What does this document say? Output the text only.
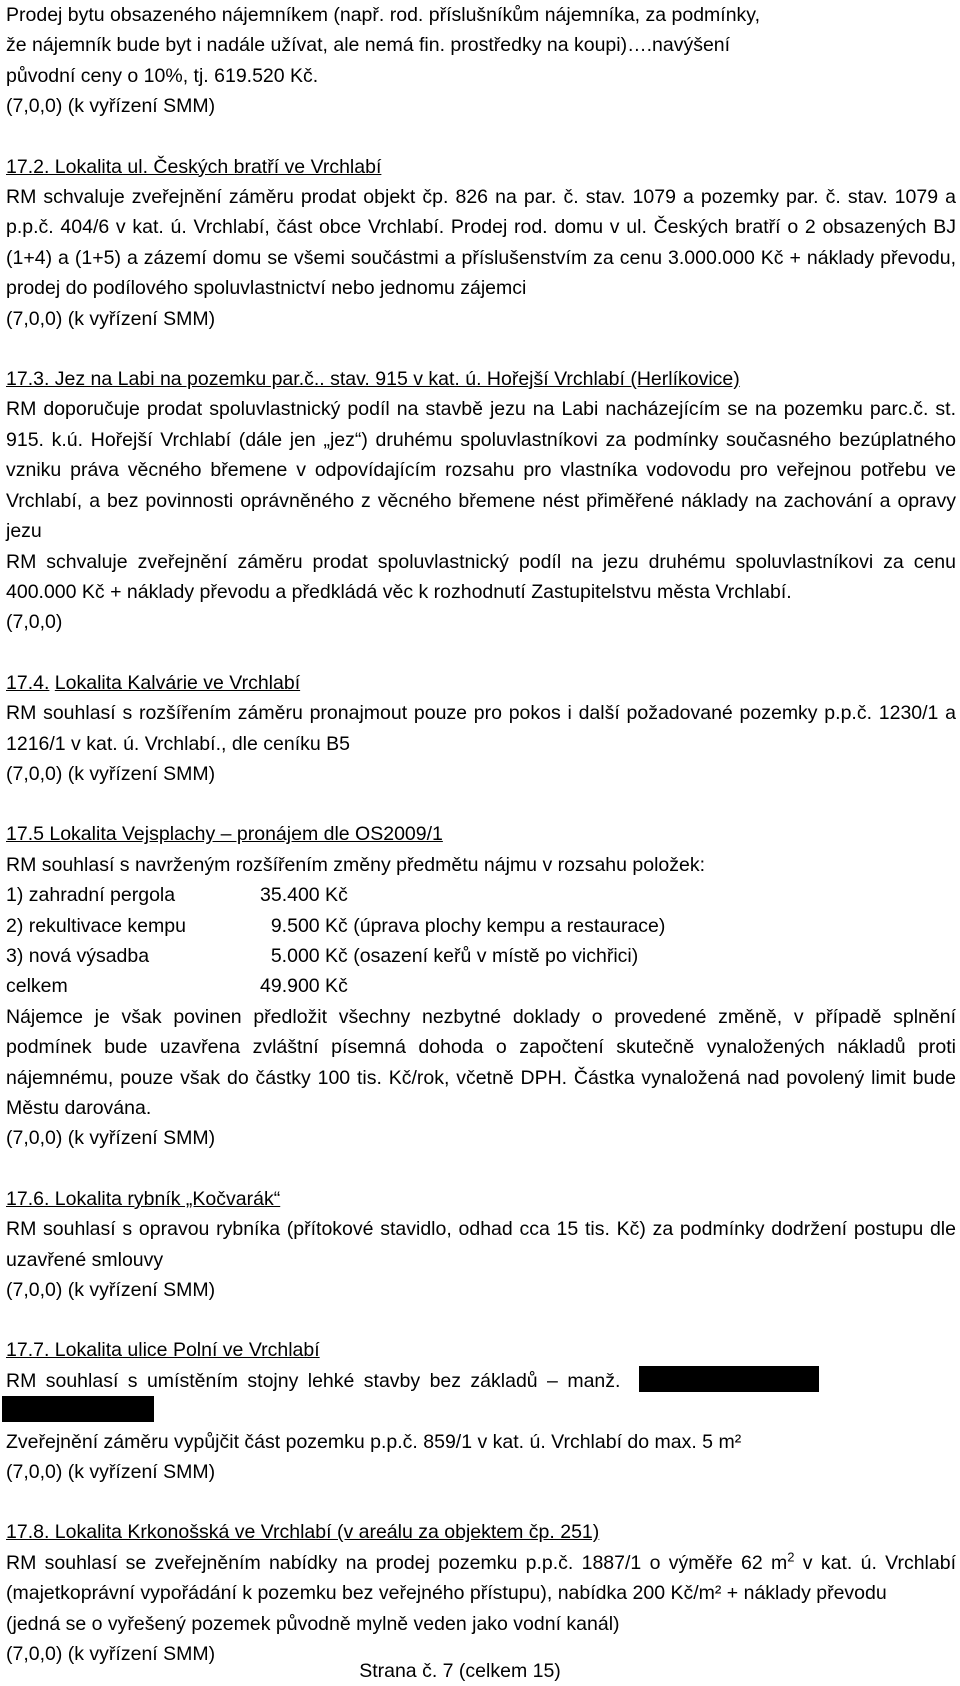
Prodej bytu obsazeného nájemníkem (např. rod. příslušníkům nájemníka, za podmínky,

že nájemník bude byt i nadále užívat, ale nemá fin. prostředky na koupi)….navýšení

původní ceny o 10%, tj. 619.520 Kč.

(7,0,0) (k vyřízení SMM)

17.2. Lokalita ul. Českých bratří ve Vrchlabí

RM schvaluje zveřejnění záměru prodat objekt čp. 826 na par. č. stav. 1079 a pozemky par. č. stav. 1079 a p.p.č. 404/6 v kat. ú. Vrchlabí, část obce Vrchlabí. Prodej rod. domu v ul. Českých bratří o 2 obsazených BJ (1+4) a (1+5) a zázemí domu se všemi součástmi a příslušenstvím za cenu 3.000.000 Kč + náklady převodu, prodej do podílového spoluvlastnictví nebo jednomu zájemci

(7,0,0) (k vyřízení SMM)

17.3. Jez na Labi na pozemku par.č.. stav. 915 v kat. ú. Hořejší Vrchlabí (Herlíkovice)

RM doporučuje prodat spoluvlastnický podíl na stavbě jezu na Labi nacházejícím se na pozemku parc.č. st. 915. k.ú. Hořejší Vrchlabí (dále jen „jez“) druhému spoluvlastníkovi za podmínky současného bezúplatného vzniku práva věcného břemene v odpovídajícím rozsahu pro vlastníka vodovodu pro veřejnou potřebu ve Vrchlabí, a bez povinnosti oprávněného z věcného břemene nést přiměřené náklady na zachování a opravy jezu

RM schvaluje zveřejnění záměru prodat spoluvlastnický podíl na jezu druhému spoluvlastníkovi za cenu 400.000 Kč + náklady převodu a předkládá věc k rozhodnutí Zastupitelstvu města Vrchlabí.

(7,0,0)

17.4. Lokalita Kalvárie ve Vrchlabí

RM souhlasí s rozšířením záměru pronajmout pouze pro pokos i další požadované pozemky p.p.č. 1230/1 a 1216/1 v kat. ú. Vrchlabí., dle ceníku B5

(7,0,0) (k vyřízení SMM)

17.5 Lokalita Vejsplachy – pronájem dle OS2009/1

RM souhlasí s navrženým rozšířením změny předmětu nájmu v rozsahu položek:

1) zahradní pergola	35.400 Kč
2) rekultivace kempu	9.500 Kč (úprava plochy kempu a restaurace)
3) nová výsadba	5.000 Kč (osazení keřů v místě po vichřici)
celkem	49.900 Kč

Nájemce je však povinen předložit všechny nezbytné doklady o provedené změně, v případě splnění podmínek bude uzavřena zvláštní písemná dohoda o započtení skutečně vynaložených nákladů proti nájemnému, pouze však do částky 100 tis. Kč/rok, včetně DPH. Částka vynaložená nad povolený limit bude Městu darována.

(7,0,0) (k vyřízení SMM)

17.6. Lokalita rybník „Kočvarák“

RM souhlasí s opravou rybníka (přítokové stavidlo, odhad cca 15 tis. Kč) za podmínky dodržení postupu dle uzavřené smlouvy

(7,0,0) (k vyřízení SMM)

17.7. Lokalita ulice Polní ve Vrchlabí

RM souhlasí s umístěním stojny lehké stavby bez základů – manž.

Zveřejnění záměru vypůjčit část pozemku p.p.č. 859/1 v kat. ú. Vrchlabí do max. 5 m²

(7,0,0) (k vyřízení SMM)

17.8. Lokalita Krkonošská ve Vrchlabí (v areálu za objektem čp. 251)

RM souhlasí se zveřejněním nabídky na prodej pozemku p.p.č. 1887/1 o výměře 62 $m^2$ v kat. ú. Vrchlabí (majetkoprávní vypořádání k pozemku bez veřejného přístupu), nabídka 200 Kč/m² + náklady převodu

(jedná se o vyřešený pozemek původně mylně veden jako vodní kanál)

(7,0,0) (k vyřízení SMM)

Strana č. 7 (celkem 15)
